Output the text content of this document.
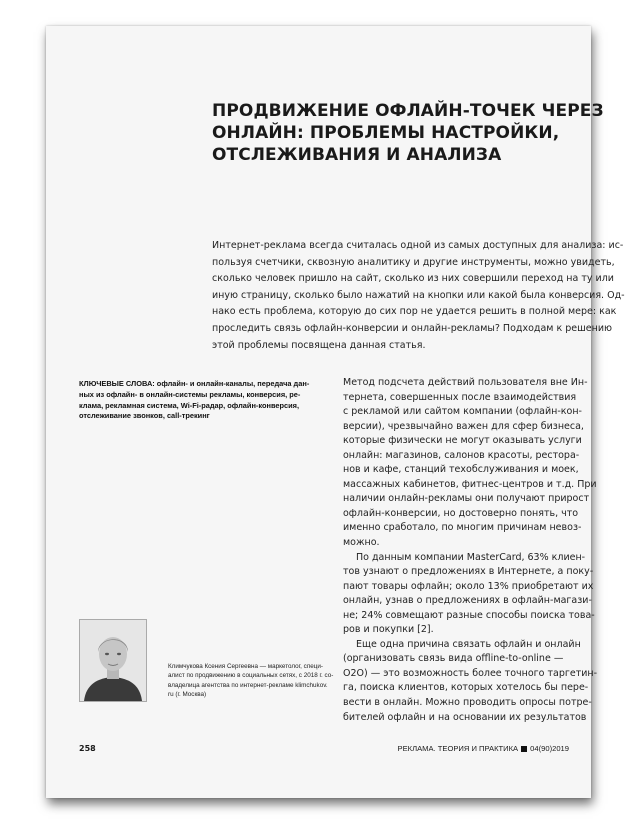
ПРОДВИЖЕНИЕ ОФЛАЙН-ТОЧЕК ЧЕРЕЗ
ОНЛАЙН: ПРОБЛЕМЫ НАСТРОЙКИ,
ОТСЛЕЖИВАНИЯ И АНАЛИЗА
Интернет-реклама всегда считалась одной из самых доступных для анализа: ис-
пользуя счетчики, сквозную аналитику и другие инструменты, можно увидеть,
сколько человек пришло на сайт, сколько из них совершили переход на ту или
иную страницу, сколько было нажатий на кнопки или какой была конверсия. Од-
нако есть проблема, которую до сих пор не удается решить в полной мере: как
проследить связь офлайн-конверсии и онлайн-рекламы? Подходам к решению
этой проблемы посвящена данная статья.
КЛЮЧЕВЫЕ СЛОВА: офлайн- и онлайн-каналы, передача дан-
ных из офлайн- в онлайн-системы рекламы, конверсия, ре-
клама, рекламная система, Wi-Fi-радар, офлайн-конверсия,
отслеживание звонков, call-трекинг
Метод подсчета действий пользователя вне Ин-
тернета, совершенных после взаимодействия
с рекламой или сайтом компании (офлайн-кон-
версии), чрезвычайно важен для сфер бизнеса,
которые физически не могут оказывать услуги
онлайн: магазинов, салонов красоты, рестора-
нов и кафе, станций техобслуживания и моек,
массажных кабинетов, фитнес-центров и т.д. При
наличии онлайн-рекламы они получают прирост
офлайн-конверсии, но достоверно понять, что
именно сработало, по многим причинам невоз-
можно.
По данным компании MasterCard, 63% клиен-
тов узнают о предложениях в Интернете, а поку-
пают товары офлайн; около 13% приобретают их
онлайн, узнав о предложениях в офлайн-магази-
не; 24% совмещают разные способы поиска това-
ров и покупки [2].
Еще одна причина связать офлайн и онлайн
(организовать связь вида offline-to-online —
O2O) — это возможность более точного таргетин-
га, поиска клиентов, которых хотелось бы пере-
вести в онлайн. Можно проводить опросы потре-
бителей офлайн и на основании их результатов
Климчукова Ксения Сергеевна — маркетолог, специ-
алист по продвижению в социальных сетях, с 2018 г. со-
владелица агентства по интернет-рекламе klimchukov.
ru (г. Москва)
258	РЕКЛАМА. ТЕОРИЯ И ПРАКТИКА 04(90)2019
